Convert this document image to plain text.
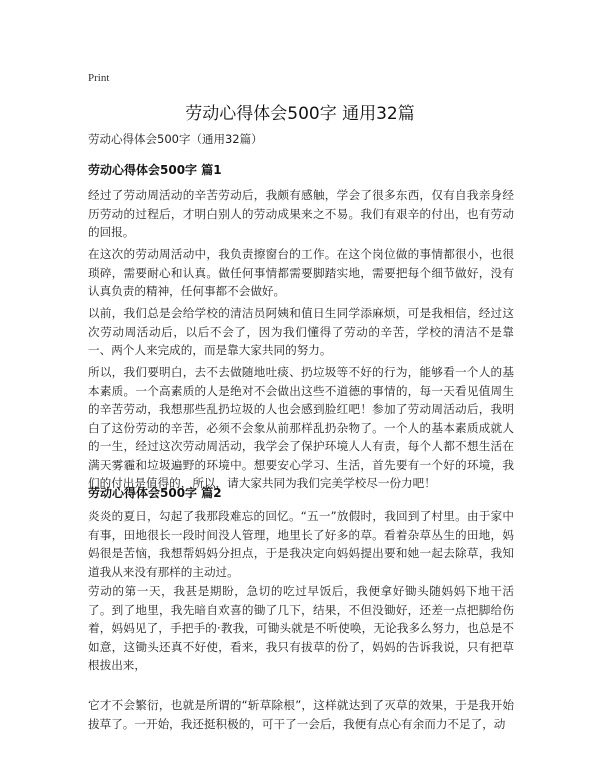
Print
劳动心得体会500字 通用32篇
劳动心得体会500字（通用32篇）
劳动心得体会500字 篇1

经过了劳动周活动的辛苦劳动后，我颇有感触，学会了很多东西，仅有自我亲身经历劳动的过程后，才明白别人的劳动成果来之不易。我们有艰辛的付出，也有劳动的回报。

在这次的劳动周活动中，我负责擦窗台的工作。在这个岗位做的事情都很小，也很琐碎，需要耐心和认真。做任何事情都需要脚踏实地，需要把每个细节做好，没有认真负责的精神，任何事都不会做好。

以前，我们总是会给学校的清洁员阿姨和值日生同学添麻烦，可是我相信，经过这次劳动周活动后，以后不会了，因为我们懂得了劳动的辛苦，学校的清洁不是靠一、两个人来完成的，而是靠大家共同的努力。

所以，我们要明白，去不去做随地吐痰、扔垃圾等不好的行为，能够看一个人的基本素质。一个高素质的人是绝对不会做出这些不道德的事情的，每一天看见值周生的辛苦劳动，我想那些乱扔垃圾的人也会感到脸红吧！参加了劳动周活动后，我明白了这份劳动的辛苦，必须不会象从前那样乱扔杂物了。一个人的基本素质成就人的一生，经过这次劳动周活动，我学会了保护环境人人有责，每个人都不想生活在满天雾霾和垃圾遍野的环境中。想要安心学习、生活，首先要有一个好的环境，我们的付出是值得的，所以，请大家共同为我们完美学校尽一份力吧！

劳动心得体会500字 篇2

炎炎的夏日，勾起了我那段难忘的回忆。“五一”放假时，我回到了村里。由于家中有事，田地很长一段时间没人管理，地里长了好多的草。看着杂草丛生的田地，妈妈很是苦恼，我想帮妈妈分担点，于是我决定向妈妈提出要和她一起去除草，我知道我从来没有那样的主动过。

劳动的第一天，我甚是期盼，急切的吃过早饭后，我便拿好锄头随妈妈下地干活了。到了地里，我先暗自欢喜的锄了几下，结果，不但没锄好，还差一点把脚给伤着，妈妈见了，手把手的·教我，可锄头就是不听使唤，无论我多么努力，也总是不如意，这锄头还真不好使，看来，我只有拔草的份了，妈妈的告诉我说，只有把草根拔出来，

它才不会繁衍，也就是所谓的“斩草除根”，这样就达到了灭草的效果，于是我开始拔草了。一开始，我还挺积极的，可干了一会后，我便有点心有余而力不足了，动
